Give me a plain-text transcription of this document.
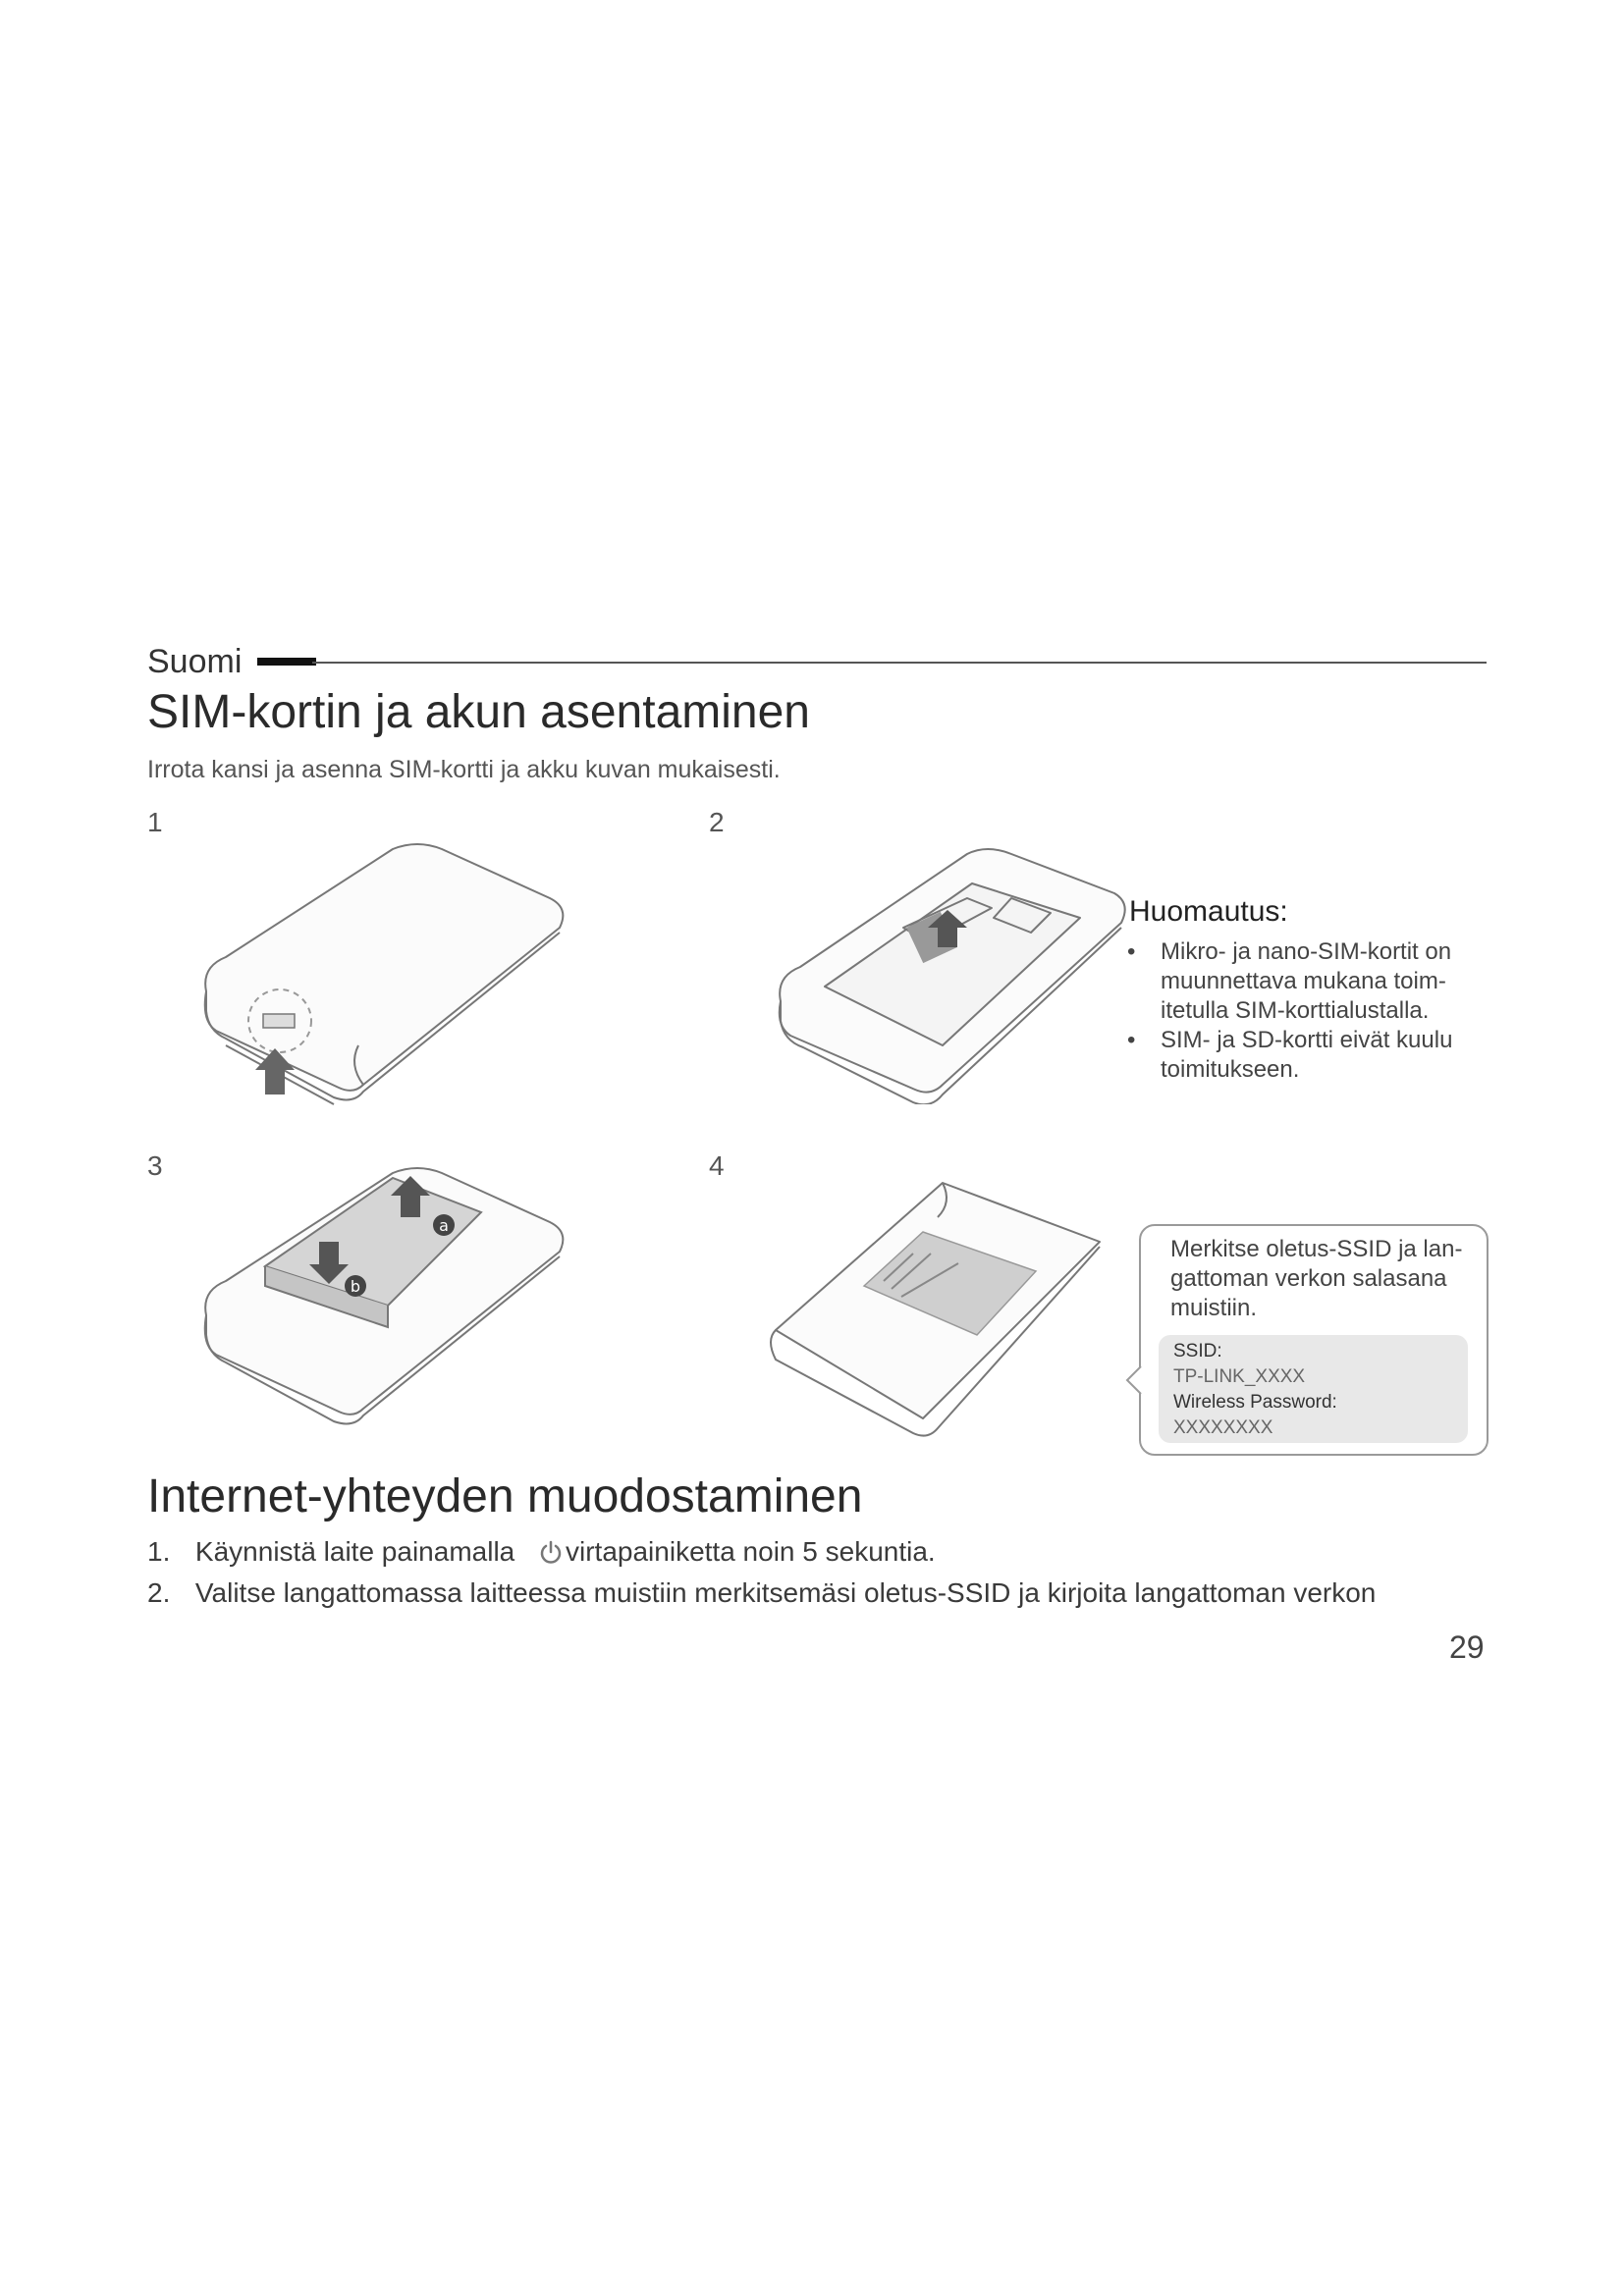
Suomi
SIM-kortin ja akun asentaminen
Irrota kansi ja asenna SIM-kortti ja akku kuvan mukaisesti.
1	2
3	4
a
b
Huomautus:
• Mikro- ja nano-SIM-kortit on muunnettava mukana toim-itetulla SIM-korttialustalla.
• SIM- ja SD-kortti eivät kuulu toimitukseen.
Merkitse oletus-SSID ja lan-gattoman verkon salasana muistiin.
SSID:
TP-LINK_XXXX
Wireless Password:
XXXXXXXX
Internet-yhteyden muodostaminen
1. Käynnistä laite painamalla virtapainiketta noin 5 sekuntia.
2. Valitse langattomassa laitteessa muistiin merkitsemäsi oletus-SSID ja kirjoita langattoman verkon
29
